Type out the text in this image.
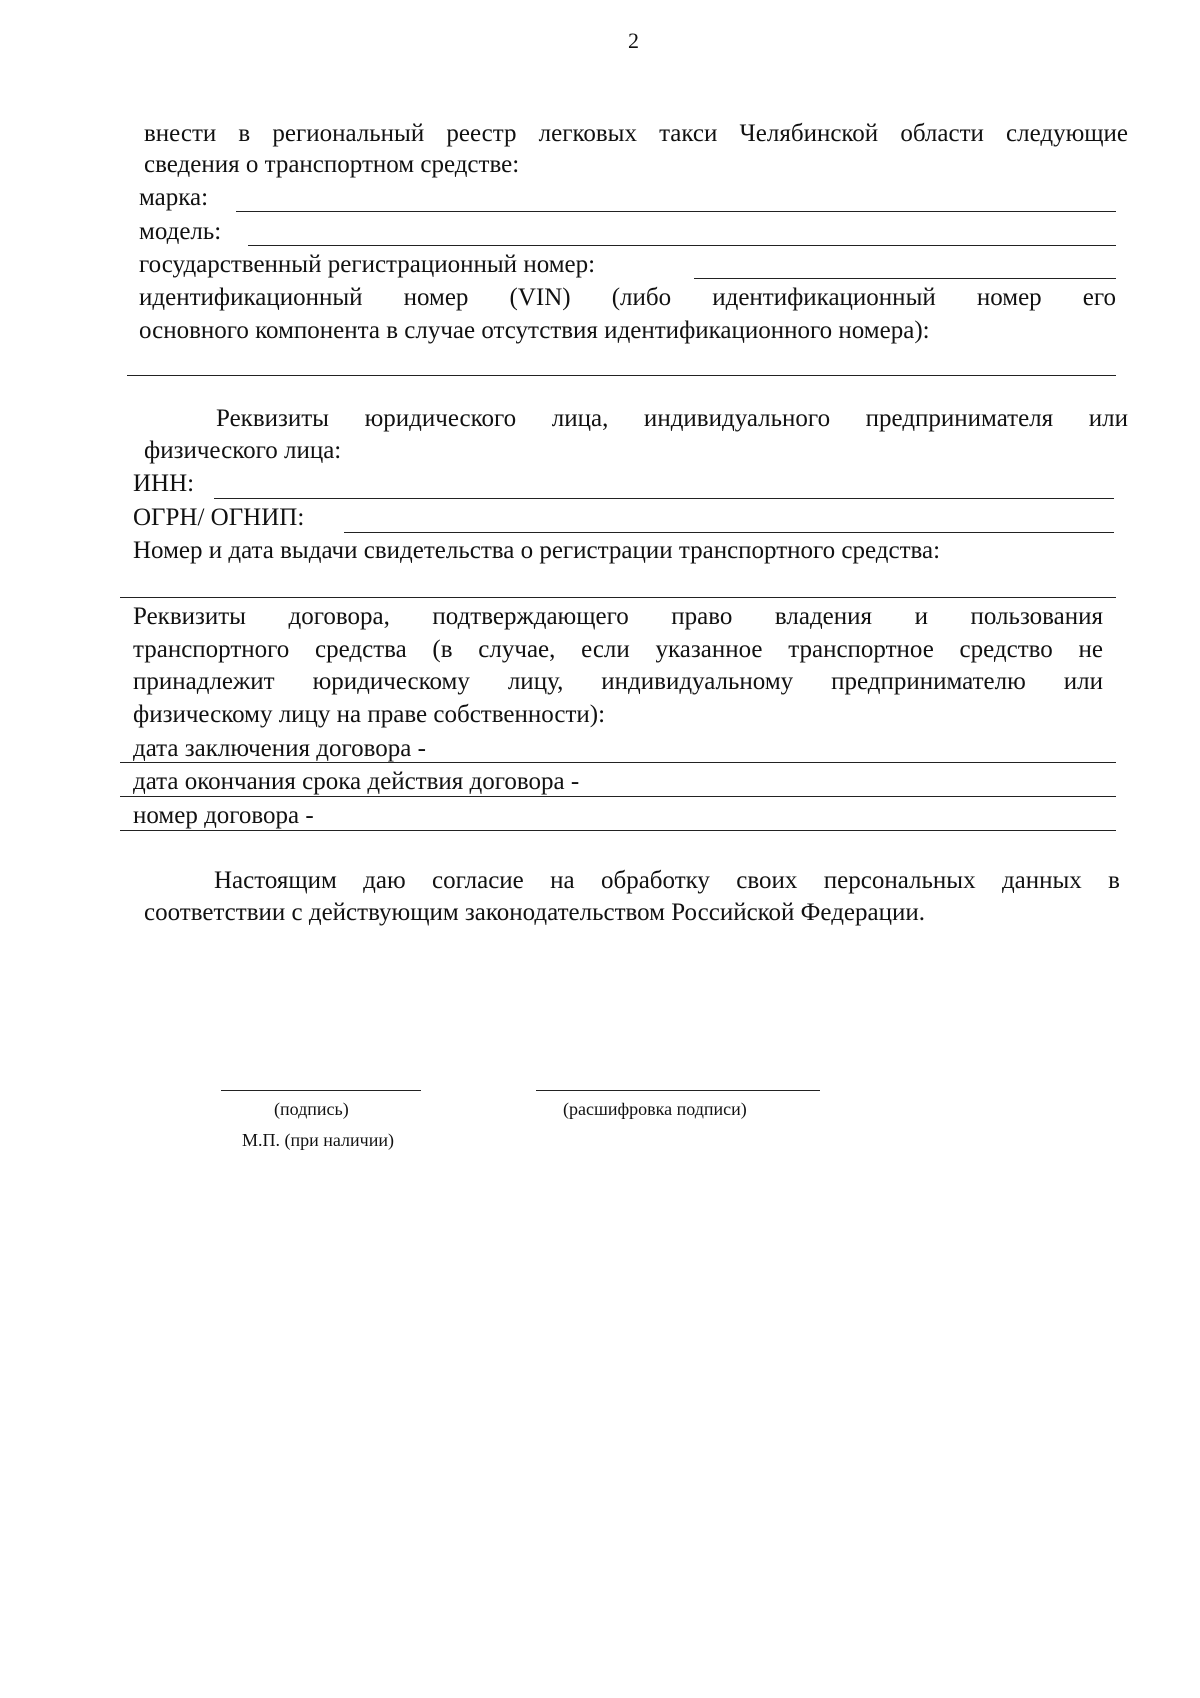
2
внести в региональный реестр легковых такси Челябинской области следующие
сведения о транспортном средстве:
марка:
модель:
государственный регистрационный номер:
идентификационный номер (VIN) (либо идентификационный номер его
основного компонента в случае отсутствия идентификационного номера):
Реквизиты юридического лица, индивидуального предпринимателя или
физического лица:
ИНН:
ОГРН/ ОГНИП:
Номер и дата выдачи свидетельства о регистрации транспортного средства:
Реквизиты договора, подтверждающего право владения и пользования
транспортного средства (в случае, если указанное транспортное средство не
принадлежит юридическому лицу, индивидуальному предпринимателю или
физическому лицу на праве собственности):
дата заключения договора -
дата окончания срока действия договора -
номер договора -
Настоящим даю согласие на обработку своих персональных данных в
соответствии с действующим законодательством Российской Федерации.
(подпись)	(расшифровка подписи)
М.П. (при наличии)
